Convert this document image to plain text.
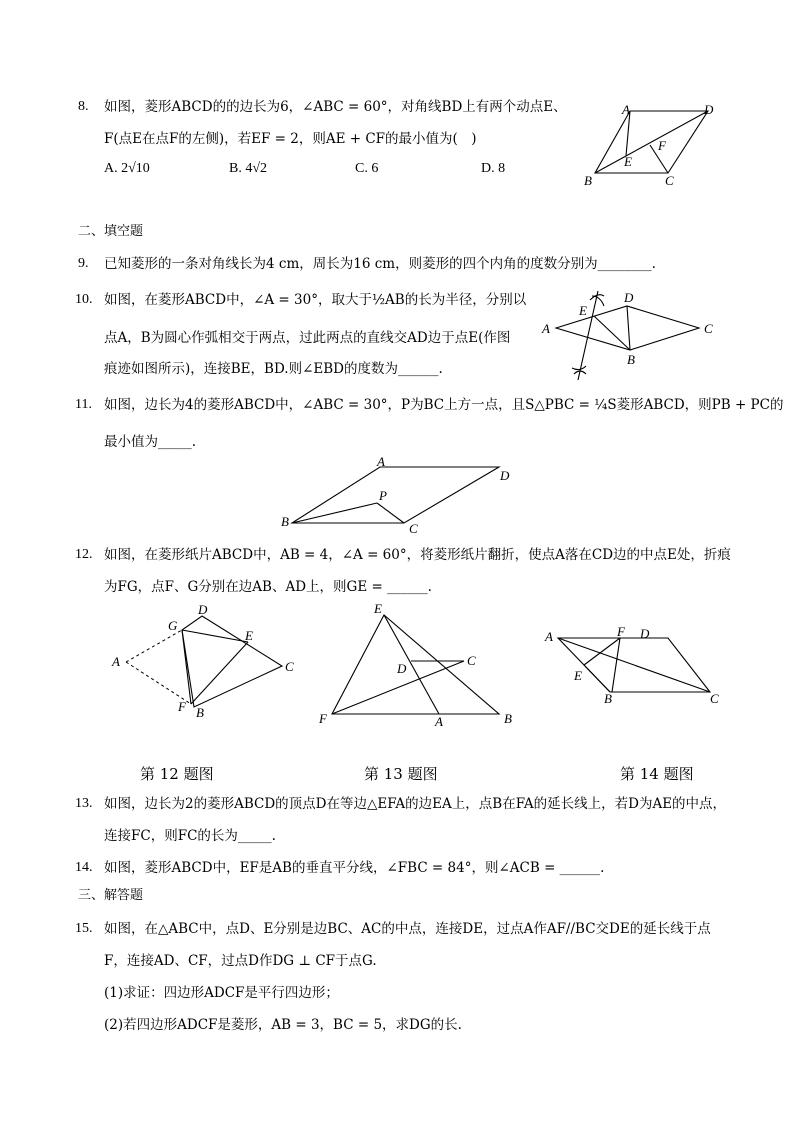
8. 如图，菱形ABCD的的边长为6，∠ABC = 60°，对角线BD上有两个动点E、
F(点E在点F的左侧)，若EF = 2，则AE + CF的最小值为(　)
A. 2√10	B. 4√2	C. 6	D. 8
A	D
E
F
B	C
二、填空题
9. 已知菱形的一条对角线长为4 cm，周长为16 cm，则菱形的四个内角的度数分别为________.
10. 如图，在菱形ABCD中，∠A = 30°，取大于½AB的长为半径，分别以
点A，B为圆心作弧相交于两点，过此两点的直线交AD边于点E(作图
痕迹如图所示)，连接BE，BD.则∠EBD的度数为______.
D
E
A	C
B
11. 如图，边长为4的菱形ABCD中，∠ABC = 30°，P为BC上方一点，且S△PBC = ¼S菱形ABCD，则PB + PC的
最小值为_____.
A
D
P
B	C
12. 如图，在菱形纸片ABCD中，AB = 4，∠A = 60°，将菱形纸片翻折，使点A落在CD边的中点E处，折痕
为FG，点F、G分别在边AB、AD上，则GE = ______.
D
G
E
A	C
F B
E
D
C
F	A	B
A	F D
E
B	C
第 12 题图	第 13 题图	第 14 题图
13. 如图，边长为2的菱形ABCD的顶点D在等边△EFA的边EA上，点B在FA的延长线上，若D为AE的中点，
连接FC，则FC的长为_____.
14. 如图，菱形ABCD中，EF是AB的垂直平分线，∠FBC = 84°，则∠ACB = ______.
三、解答题
15. 如图，在△ABC中，点D、E分别是边BC、AC的中点，连接DE，过点A作AF//BC交DE的延长线于点
F，连接AD、CF，过点D作DG ⊥ CF于点G.
(1)求证：四边形ADCF是平行四边形；
(2)若四边形ADCF是菱形，AB = 3，BC = 5，求DG的长.
